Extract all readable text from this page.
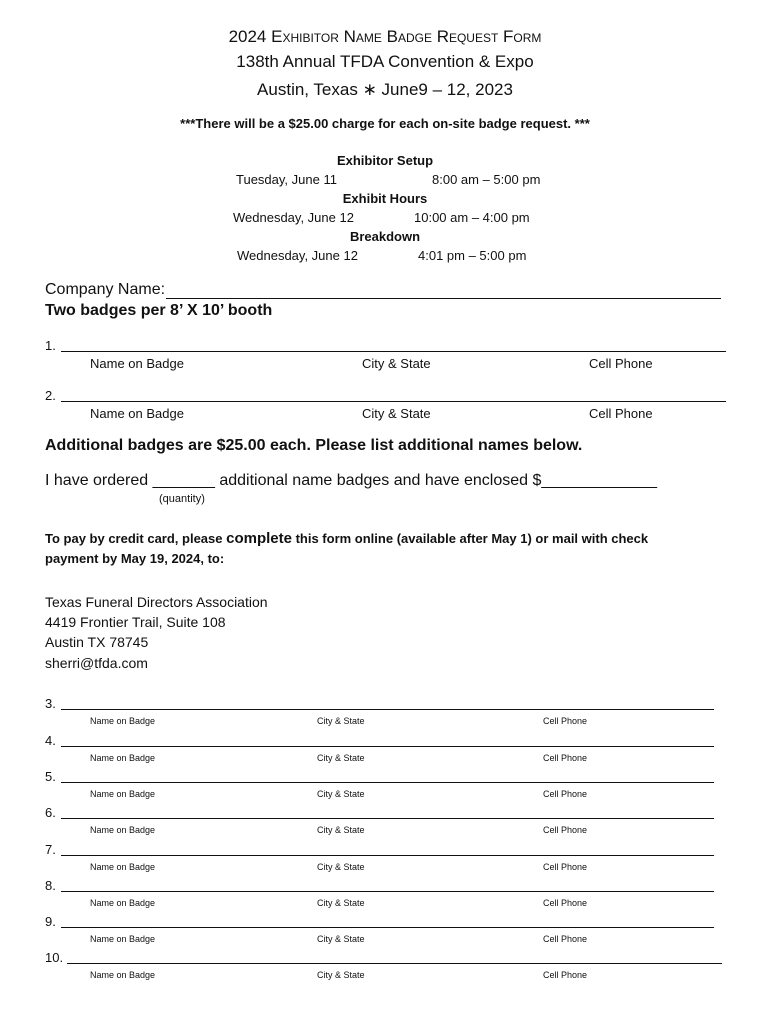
2024 Exhibitor Name Badge Request Form
138th Annual TFDA Convention & Expo
Austin, Texas ∗ June9 – 12, 2023
***There will be a $25.00 charge for each on-site badge request. ***
Exhibitor Setup
Tuesday, June 11	8:00 am – 5:00 pm
Exhibit Hours
Wednesday, June 12	10:00 am – 4:00 pm
Breakdown
Wednesday, June 12	4:01 pm – 5:00 pm
Company Name:
Two badges per 8’ X 10’ booth
1.
Name on Badge	City & State	Cell Phone
2.
Name on Badge	City & State	Cell Phone
Additional badges are $25.00 each. Please list additional names below.
I have ordered _______ additional name badges and have enclosed $_____________
(quantity)
To pay by credit card, please complete this form online (available after May 1) or mail with check
payment by May 19, 2024, to:
Texas Funeral Directors Association
4419 Frontier Trail, Suite 108
Austin TX 78745
sherri@tfda.com
3.
Name on Badge	City & State	Cell Phone
4.
Name on Badge	City & State	Cell Phone
5.
Name on Badge	City & State	Cell Phone
6.
Name on Badge	City & State	Cell Phone
7.
Name on Badge	City & State	Cell Phone
8.
Name on Badge	City & State	Cell Phone
9.
Name on Badge	City & State	Cell Phone
10.
Name on Badge	City & State	Cell Phone
